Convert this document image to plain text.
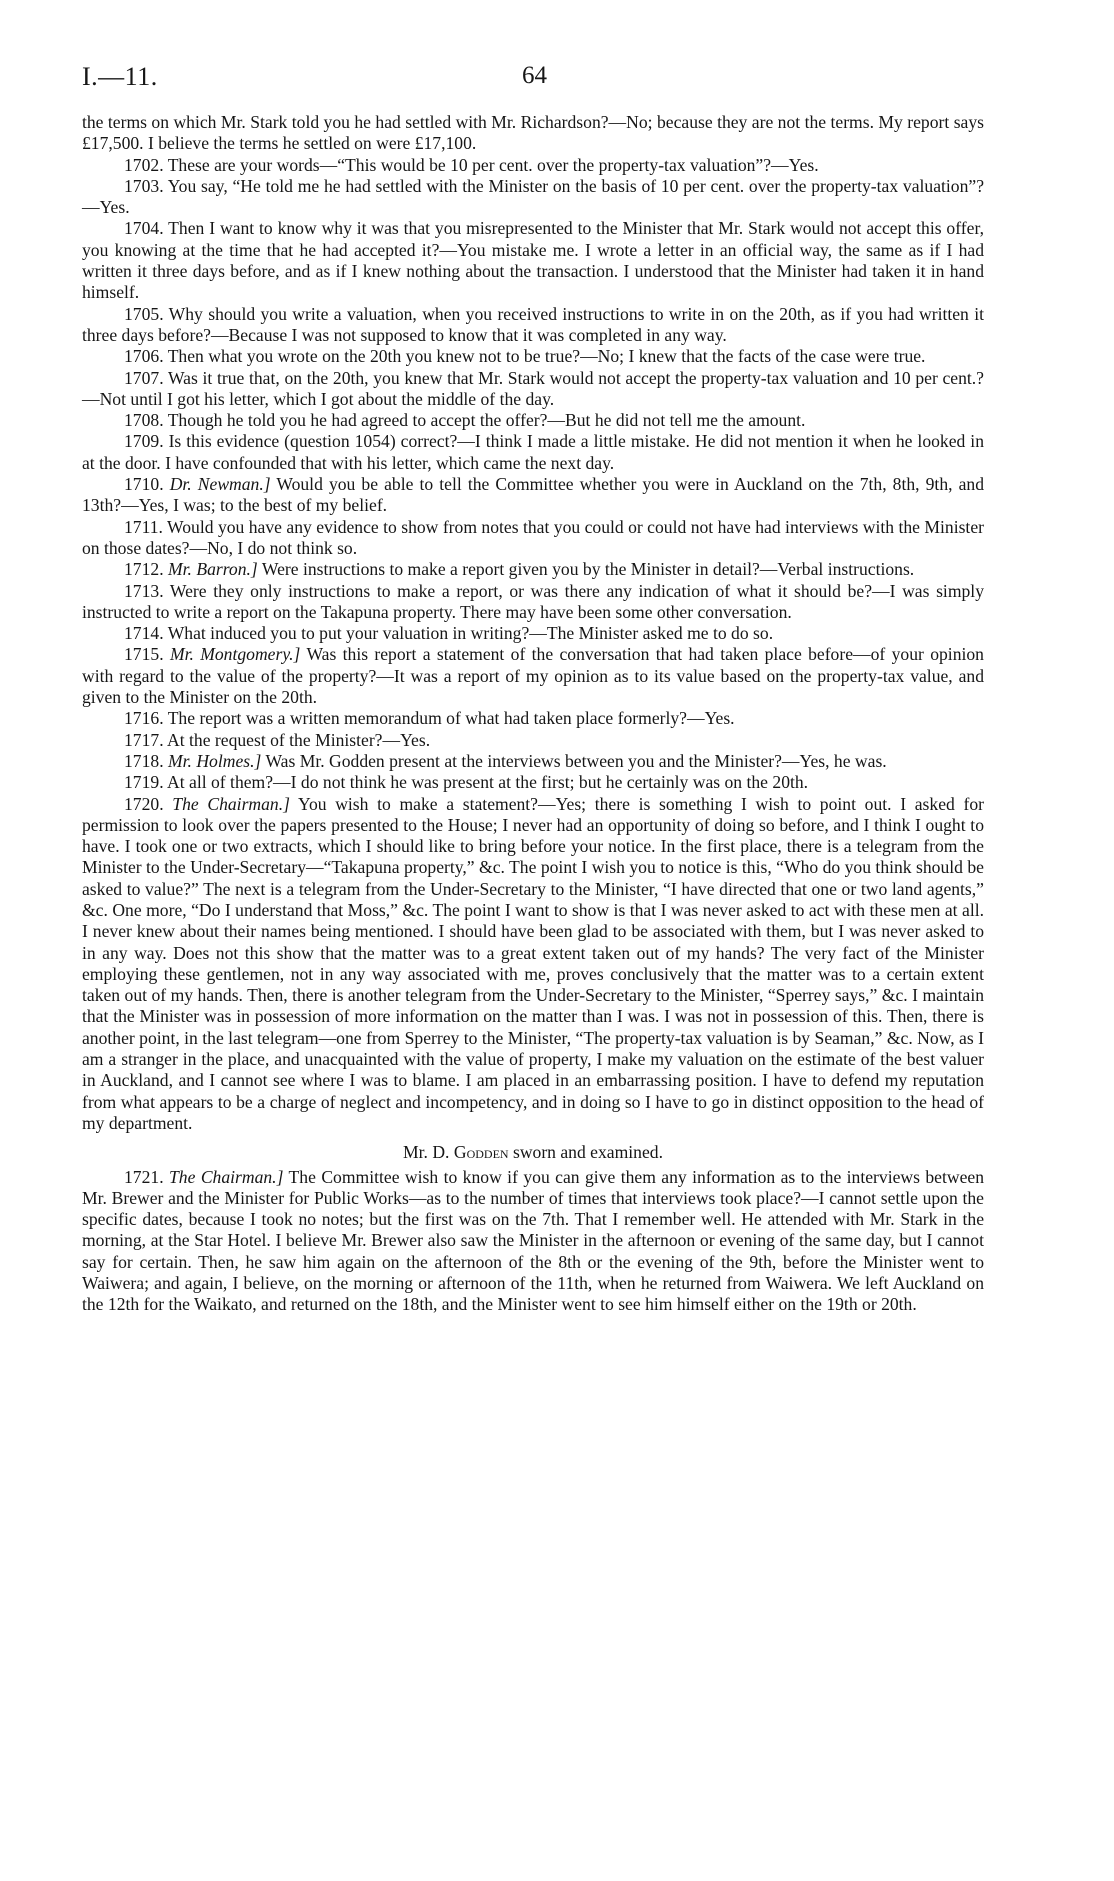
I.—11.	64

the terms on which Mr. Stark told you he had settled with Mr. Richardson?—No; because they are not the terms. My report says £17,500. I believe the terms he settled on were £17,100.

1702. These are your words—“This would be 10 per cent. over the property-tax valuation”?—Yes.

1703. You say, “He told me he had settled with the Minister on the basis of 10 per cent. over the property-tax valuation”?—Yes.

1704. Then I want to know why it was that you misrepresented to the Minister that Mr. Stark would not accept this offer, you knowing at the time that he had accepted it?—You mistake me. I wrote a letter in an official way, the same as if I had written it three days before, and as if I knew nothing about the transaction. I understood that the Minister had taken it in hand himself.

1705. Why should you write a valuation, when you received instructions to write in on the 20th, as if you had written it three days before?—Because I was not supposed to know that it was completed in any way.

1706. Then what you wrote on the 20th you knew not to be true?—No; I knew that the facts of the case were true.

1707. Was it true that, on the 20th, you knew that Mr. Stark would not accept the property-tax valuation and 10 per cent.?—Not until I got his letter, which I got about the middle of the day.

1708. Though he told you he had agreed to accept the offer?—But he did not tell me the amount.

1709. Is this evidence (question 1054) correct?—I think I made a little mistake. He did not mention it when he looked in at the door. I have confounded that with his letter, which came the next day.

1710. Dr. Newman.] Would you be able to tell the Committee whether you were in Auckland on the 7th, 8th, 9th, and 13th?—Yes, I was; to the best of my belief.

1711. Would you have any evidence to show from notes that you could or could not have had interviews with the Minister on those dates?—No, I do not think so.

1712. Mr. Barron.] Were instructions to make a report given you by the Minister in detail?—Verbal instructions.

1713. Were they only instructions to make a report, or was there any indication of what it should be?—I was simply instructed to write a report on the Takapuna property. There may have been some other conversation.

1714. What induced you to put your valuation in writing?—The Minister asked me to do so.

1715. Mr. Montgomery.] Was this report a statement of the conversation that had taken place before—of your opinion with regard to the value of the property?—It was a report of my opinion as to its value based on the property-tax value, and given to the Minister on the 20th.

1716. The report was a written memorandum of what had taken place formerly?—Yes.

1717. At the request of the Minister?—Yes.

1718. Mr. Holmes.] Was Mr. Godden present at the interviews between you and the Minister?—Yes, he was.

1719. At all of them?—I do not think he was present at the first; but he certainly was on the 20th.

1720. The Chairman.] You wish to make a statement?—Yes; there is something I wish to point out. I asked for permission to look over the papers presented to the House; I never had an opportunity of doing so before, and I think I ought to have. I took one or two extracts, which I should like to bring before your notice. In the first place, there is a telegram from the Minister to the Under-Secretary—“Takapuna property,” &c. The point I wish you to notice is this, “Who do you think should be asked to value?” The next is a telegram from the Under-Secretary to the Minister, “I have directed that one or two land agents,” &c. One more, “Do I understand that Moss,” &c. The point I want to show is that I was never asked to act with these men at all. I never knew about their names being mentioned. I should have been glad to be associated with them, but I was never asked to in any way. Does not this show that the matter was to a great extent taken out of my hands? The very fact of the Minister employing these gentlemen, not in any way associated with me, proves conclusively that the matter was to a certain extent taken out of my hands. Then, there is another telegram from the Under-Secretary to the Minister, “Sperrey says,” &c. I maintain that the Minister was in possession of more information on the matter than I was. I was not in possession of this. Then, there is another point, in the last telegram—one from Sperrey to the Minister, “The property-tax valuation is by Seaman,” &c. Now, as I am a stranger in the place, and unacquainted with the value of property, I make my valuation on the estimate of the best valuer in Auckland, and I cannot see where I was to blame. I am placed in an embarrassing position. I have to defend my reputation from what appears to be a charge of neglect and incompetency, and in doing so I have to go in distinct opposition to the head of my department.

Mr. D. Godden sworn and examined.

1721. The Chairman.] The Committee wish to know if you can give them any information as to the interviews between Mr. Brewer and the Minister for Public Works—as to the number of times that interviews took place?—I cannot settle upon the specific dates, because I took no notes; but the first was on the 7th. That I remember well. He attended with Mr. Stark in the morning, at the Star Hotel. I believe Mr. Brewer also saw the Minister in the afternoon or evening of the same day, but I cannot say for certain. Then, he saw him again on the afternoon of the 8th or the evening of the 9th, before the Minister went to Waiwera; and again, I believe, on the morning or afternoon of the 11th, when he returned from Waiwera. We left Auckland on the 12th for the Waikato, and returned on the 18th, and the Minister went to see him himself either on the 19th or 20th.
